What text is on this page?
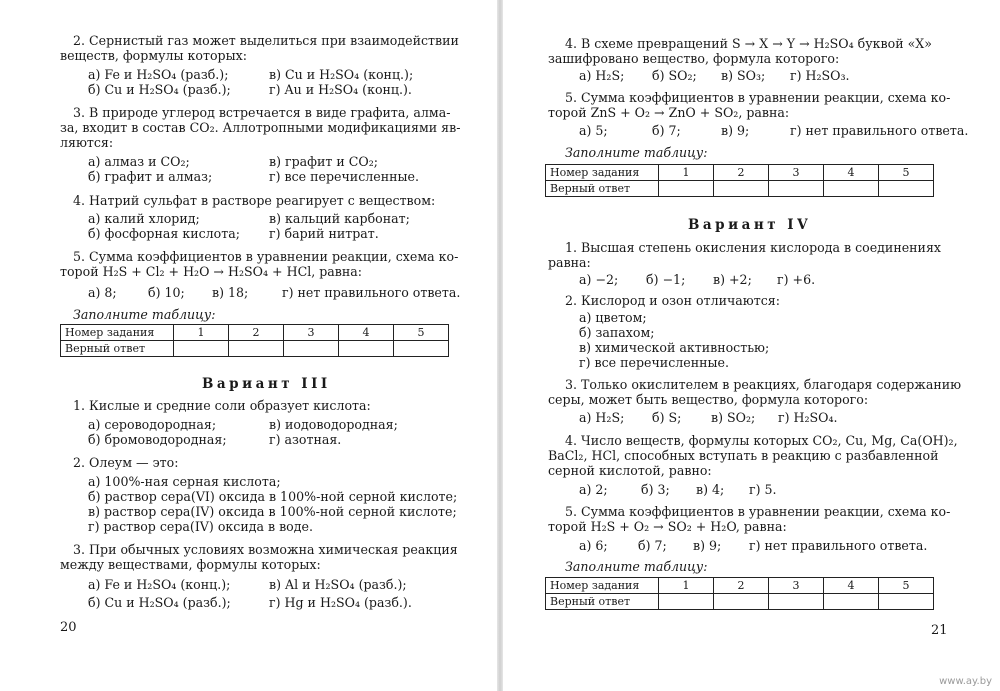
2. Сернистый газ может выделиться при взаимодействии
веществ, формулы которых:
а) Fe и H₂SO₄ (разб.);	в) Cu и H₂SO₄ (конц.);
б) Cu и H₂SO₄ (разб.);	г) Au и H₂SO₄ (конц.).
3. В природе углерод встречается в виде графита, алма-
за, входит в состав CO₂. Аллотропными модификациями яв-
ляются:
а) алмаз и CO₂;	в) графит и CO₂;
б) графит и алмаз;	г) все перечисленные.
4. Натрий сульфат в растворе реагирует с веществом:
а) калий хлорид;	в) кальций карбонат;
б) фосфорная кислота; г) барий нитрат.
5. Сумма коэффициентов в уравнении реакции, схема ко-
торой H₂S + Cl₂ + H₂O → H₂SO₄ + HCl, равна:
а) 8; б) 10; в) 18;	г) нет правильного ответа.
Заполните таблицу:
Номер задания	1	2	3	4	5
Верный ответ					
Вариант III
1. Кислые и средние соли образует кислота:
а) сероводородная;	в) иодоводородная;
б) бромоводородная;	г) азотная.
2. Олеум — это:
а) 100%-ная серная кислота;
б) раствор сера(VI) оксида в 100%-ной серной кислоте;
в) раствор сера(IV) оксида в 100%-ной серной кислоте;
г) раствор сера(IV) оксида в воде.
3. При обычных условиях возможна химическая реакция
между веществами, формулы которых:
а) Fe и H₂SO₄ (конц.);	в) Al и H₂SO₄ (разб.);
б) Cu и H₂SO₄ (разб.);	г) Hg и H₂SO₄ (разб.).
20
4. В схеме превращений S → X → Y → H₂SO₄ буквой «X»
зашифровано вещество, формула которого:
а) H₂S; б) SO₂; в) SO₃; г) H₂SO₃.
5. Сумма коэффициентов в уравнении реакции, схема ко-
торой ZnS + O₂ → ZnO + SO₂, равна:
а) 5;	б) 7;	в) 9;	г) нет правильного ответа.
Заполните таблицу:
Номер задания	1	2	3	4	5
Верный ответ					
Вариант IV
1. Высшая степень окисления кислорода в соединениях
равна:
а) −2; б) −1; в) +2; г) +6.
2. Кислород и озон отличаются:
а) цветом;
б) запахом;
в) химической активностью;
г) все перечисленные.
3. Только окислителем в реакциях, благодаря содержанию
серы, может быть вещество, формула которого:
а) H₂S; б) S; в) SO₂; г) H₂SO₄.
4. Число веществ, формулы которых CO₂, Cu, Mg, Ca(OH)₂,
BaCl₂, HCl, способных вступать в реакцию с разбавленной
серной кислотой, равно:
а) 2;	б) 3; в) 4; г) 5.
5. Сумма коэффициентов в уравнении реакции, схема ко-
торой H₂S + O₂ → SO₂ + H₂O, равна:
а) 6; б) 7; в) 9; г) нет правильного ответа.
Заполните таблицу:
Номер задания	1	2	3	4	5
Верный ответ					
21
www.ay.by
